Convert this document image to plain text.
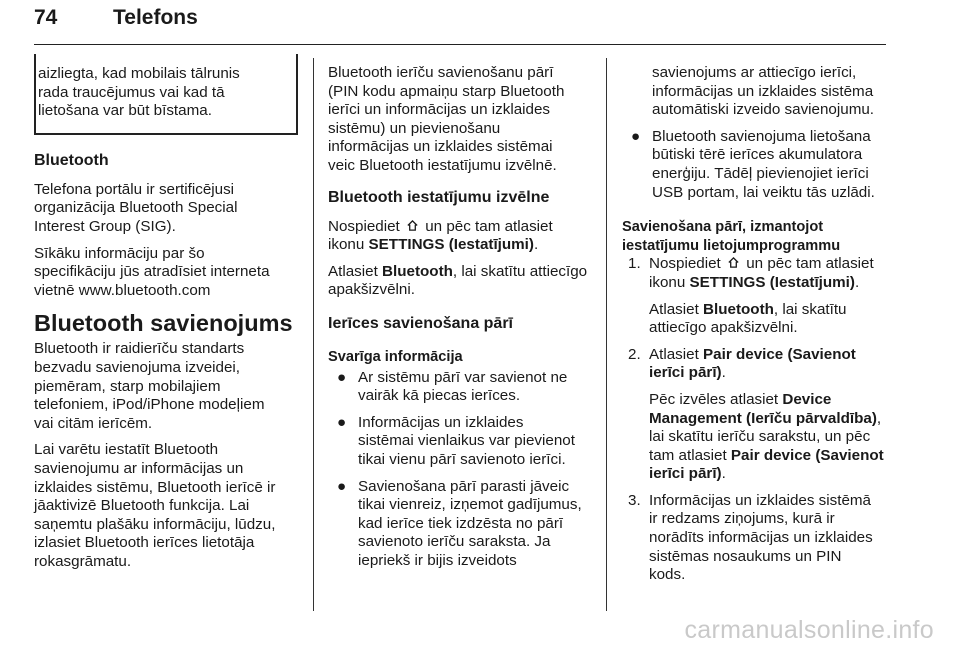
74	Telefons
aizliegta, kad mobilais tālrunis
rada traucējumus vai kad tā
lietošana var būt bīstama.
Bluetooth

Telefona portālu ir sertificējusi
organizācija Bluetooth Special
Interest Group (SIG).

Sīkāku informāciju par šo
specifikāciju jūs atradīsiet interneta
vietnē www.bluetooth.com

Bluetooth savienojums

Bluetooth ir raidierīču standarts
bezvadu savienojuma izveidei,
piemēram, starp mobilajiem
telefoniem, iPod/iPhone modeļiem
vai citām ierīcēm.

Lai varētu iestatīt Bluetooth
savienojumu ar informācijas un
izklaides sistēmu, Bluetooth ierīcē ir
jāaktivizē Bluetooth funkcija. Lai
saņemtu plašāku informāciju, lūdzu,
izlasiet Bluetooth ierīces lietotāja
rokasgrāmatu.

Bluetooth ierīču savienošanu pārī
(PIN kodu apmaiņu starp Bluetooth
ierīci un informācijas un izklaides
sistēmu) un pievienošanu
informācijas un izklaides sistēmai
veic Bluetooth iestatījumu izvēlnē.

Bluetooth iestatījumu izvēlne

Nospiediet un pēc tam atlasiet
ikonu SETTINGS (Iestatījumi).

Atlasiet Bluetooth, lai skatītu attiecīgo
apakšizvēlni.

Ierīces savienošana pārī
Svarīga informācija
● Ar sistēmu pārī var savienot ne
vairāk kā piecas ierīces.
● Informācijas un izklaides
sistēmai vienlaikus var pievienot
tikai vienu pārī savienoto ierīci.
● Savienošana pārī parasti jāveic
tikai vienreiz, izņemot gadījumus,
kad ierīce tiek izdzēsta no pārī
savienoto ierīču saraksta. Ja
iepriekš ir bijis izveidots

savienojums ar attiecīgo ierīci,
informācijas un izklaides sistēma
automātiski izveido savienojumu.

● Bluetooth savienojuma lietošana
būtiski tērē ierīces akumulatora
enerģiju. Tādēļ pievienojiet ierīci
USB portam, lai veiktu tās uzlādi.
Savienošana pārī, izmantojot
iestatījumu lietojumprogrammu
1. Nospiediet un pēc tam atlasiet
ikonu SETTINGS (Iestatījumi).
Atlasiet Bluetooth, lai skatītu
attiecīgo apakšizvēlni.
2. Atlasiet Pair device (Savienot
ierīci pārī).
Pēc izvēles atlasiet Device
Management (Ierīču pārvaldība),
lai skatītu ierīču sarakstu, un pēc
tam atlasiet Pair device (Savienot
ierīci pārī).
3. Informācijas un izklaides sistēmā
ir redzams ziņojums, kurā ir
norādīts informācijas un izklaides
sistēmas nosaukums un PIN
kods.
carmanualsonline.info
